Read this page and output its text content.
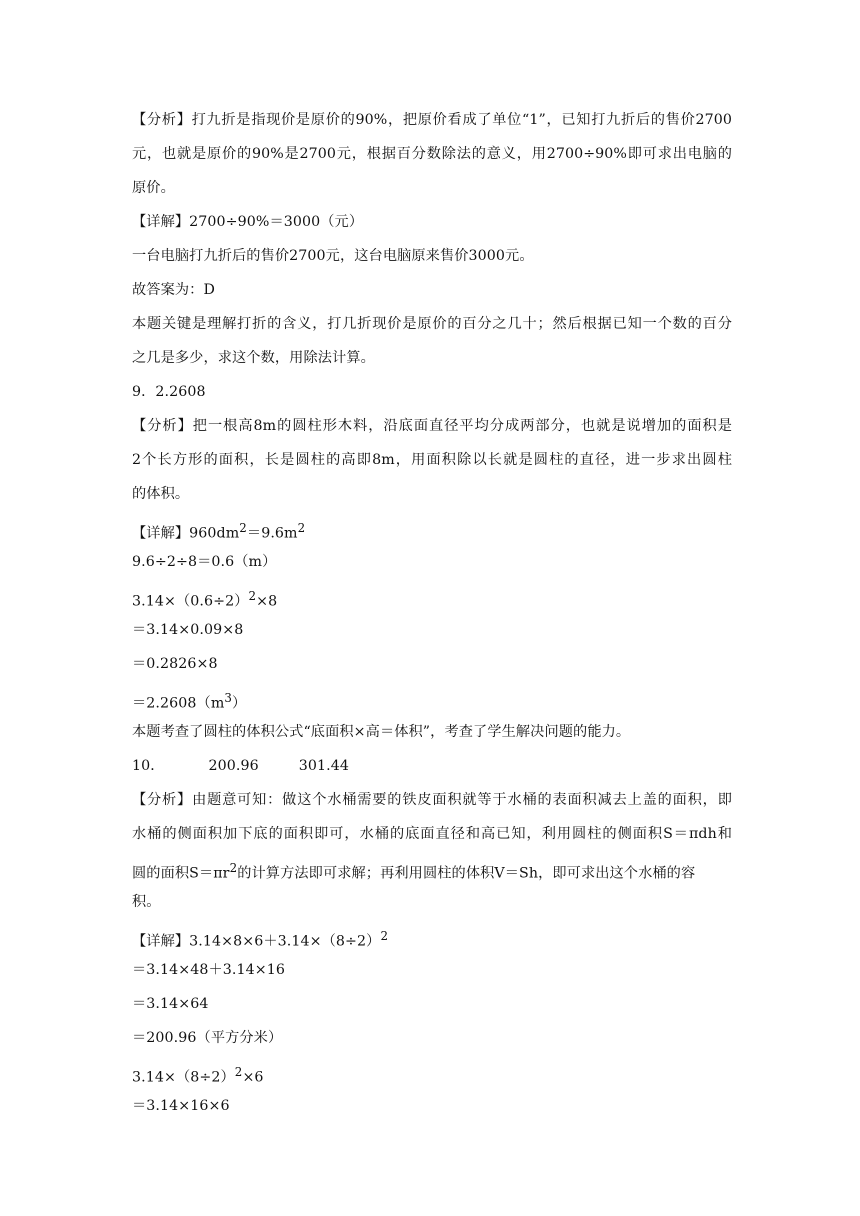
【分析】打九折是指现价是原价的90%，把原价看成了单位“1”，已知打九折后的售价2700
元，也就是原价的90%是2700元，根据百分数除法的意义，用2700÷90%即可求出电脑的
原价。
【详解】2700÷90%＝3000（元）
一台电脑打九折后的售价2700元，这台电脑原来售价3000元。
故答案为：D
本题关键是理解打折的含义，打几折现价是原价的百分之几十；然后根据已知一个数的百分
之几是多少，求这个数，用除法计算。
9．2.2608
【分析】把一根高8m的圆柱形木料，沿底面直径平均分成两部分，也就是说增加的面积是
2个长方形的面积，长是圆柱的高即8m，用面积除以长就是圆柱的直径，进一步求出圆柱
的体积。
【详解】$960dm^2=9.6m^2$
9.6÷2÷8＝0.6（m）
$3.14\times(0.6\div 2)^2\times 8$
＝3.14×0.09×8
＝0.2826×8
$=2.2608(m^3)$
本题考查了圆柱的体积公式“底面积×高＝体积”，考查了学生解决问题的能力。
10．	200.96	301.44
【分析】由题意可知：做这个水桶需要的铁皮面积就等于水桶的表面积减去上盖的面积，即
水桶的侧面积加下底的面积即可，水桶的底面直径和高已知，利用圆柱的侧面积S＝πdh和
圆的面积$S=\pi r^2$的计算方法即可求解；再利用圆柱的体积V＝Sh，即可求出这个水桶的容
积。
【详解】$3.14\times 8\times 6+3.14\times(8\div 2)^2$
＝3.14×48＋3.14×16
＝3.14×64
＝200.96（平方分米）
$3.14\times(8\div 2)^2\times 6$
＝3.14×16×6
